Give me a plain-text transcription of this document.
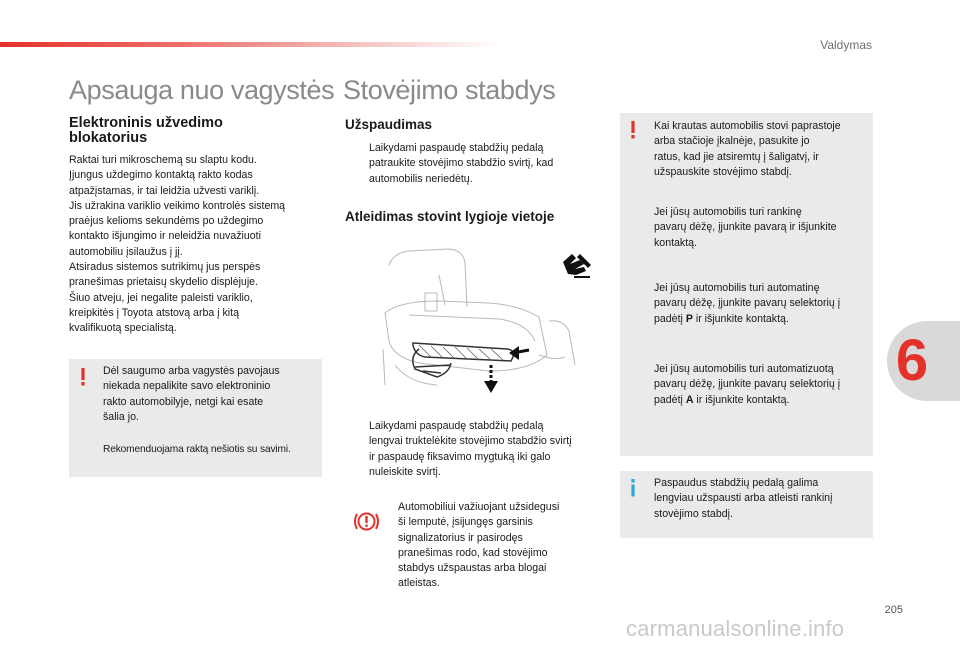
Valdymas
6
Apsauga nuo vagystės
Elektroninis užvedimo
blokatorius

Raktai turi mikroschemą su slaptu kodu.

Įjungus uždegimo kontaktą rakto kodas

atpažįstamas, ir tai leidžia užvesti variklį.

Jis užrakina variklio veikimo kontrolės sistemą

praėjus kelioms sekundėms po uždegimo

kontakto išjungimo ir neleidžia nuvažiuoti

automobiliu įsilaužus į jį.

Atsiradus sistemos sutrikimų jus perspės

pranešimas prietaisų skydelio displėjuje.

Šiuo atveju, jei negalite paleisti variklio,

kreipkitės į Toyota atstovą arba į kitą

kvalifikuotą specialistą.

Dėl saugumo arba vagystės pavojaus

niekada nepalikite savo elektroninio

rakto automobilyje, netgi kai esate

šalia jo.

Rekomenduojama raktą nešiotis su savimi.
Stovėjimo stabdys
Užspaudimas

Laikydami paspaudę stabdžių pedalą

patraukite stovėjimo stabdžio svirtį, kad

automobilis neriedėtų.

Atleidimas stovint lygioje vietoje

Laikydami paspaudę stabdžių pedalą

lengvai truktelėkite stovėjimo stabdžio svirtį

ir paspaudę fiksavimo mygtuką iki galo

nuleiskite svirtį.

Automobiliui važiuojant užsidegusi

ši lemputė, įsijungęs garsinis

signalizatorius ir pasirodęs

pranešimas rodo, kad stovėjimo

stabdys užspaustas arba blogai

atleistas.

Kai krautas automobilis stovi paprastoje

arba stačioje įkalnėje, pasukite jo

ratus, kad jie atsiremtų į šaligatvį, ir

užspauskite stovėjimo stabdį.

Jei jūsų automobilis turi rankinę

pavarų dėžę, įjunkite pavarą ir išjunkite

kontaktą.

Jei jūsų automobilis turi automatinę

pavarų dėžę, įjunkite pavarų selektorių į

padėtį P ir išjunkite kontaktą.

Jei jūsų automobilis turi automatizuotą

pavarų dėžę, įjunkite pavarų selektorių į

padėtį A ir išjunkite kontaktą.

Paspaudus stabdžių pedalą galima

lengviau užspausti arba atleisti rankinį

stovėjimo stabdį.

205
carmanualsonline.info
